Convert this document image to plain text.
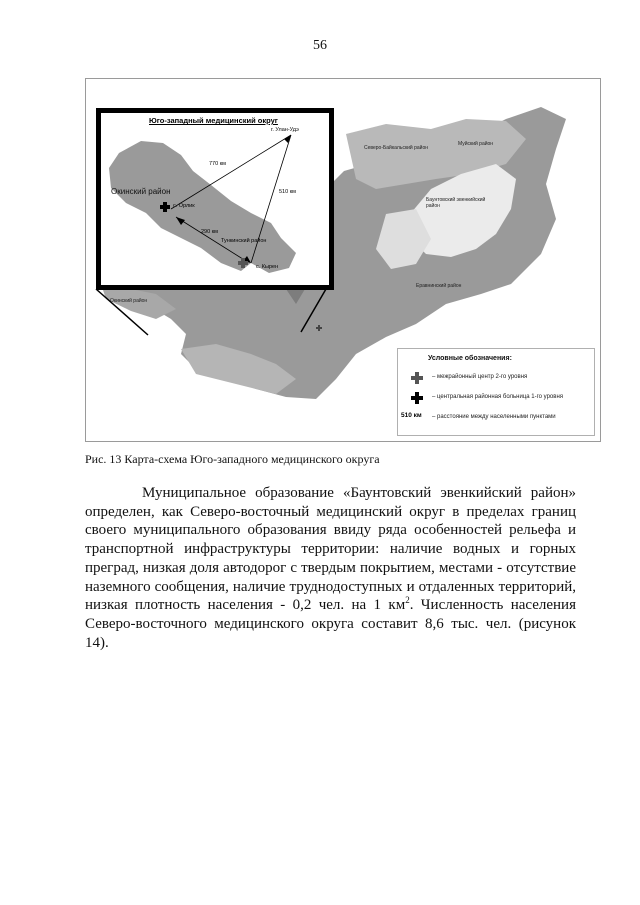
56
Северо-Байкальский район
Муйский район
Баунтовский эвенкийский район
Еравнинский район
Окинский район
Юго-западный медицинский округ
г. Улан-Удэ
Окинский район
с. Орлик
с. Кырен
Тункинский район
770 км
510 км
290 км
Условные обозначения:
– межрайонный центр 2-го уровня
– центральная районная больница 1-го уровня
510 км – расстояние между населенными пунктами
Рис. 13 Карта-схема Юго-западного медицинского округа

Муниципальное образование «Баунтовский эвенкийский район» определен, как Северо-восточный медицинский округ в пределах границ своего муниципального образования ввиду ряда особенностей рельефа и транспортной инфраструктуры территории: наличие водных и горных преград, низкая доля автодорог с твердым покрытием, местами - отсутствие наземного сообщения, наличие труднодоступных и отдаленных территорий, низкая плотность населения - 0,2 чел. на 1 $км^2$. Численность населения Северо-восточного медицинского округа составит 8,6 тыс. чел. (рисунок 14).
